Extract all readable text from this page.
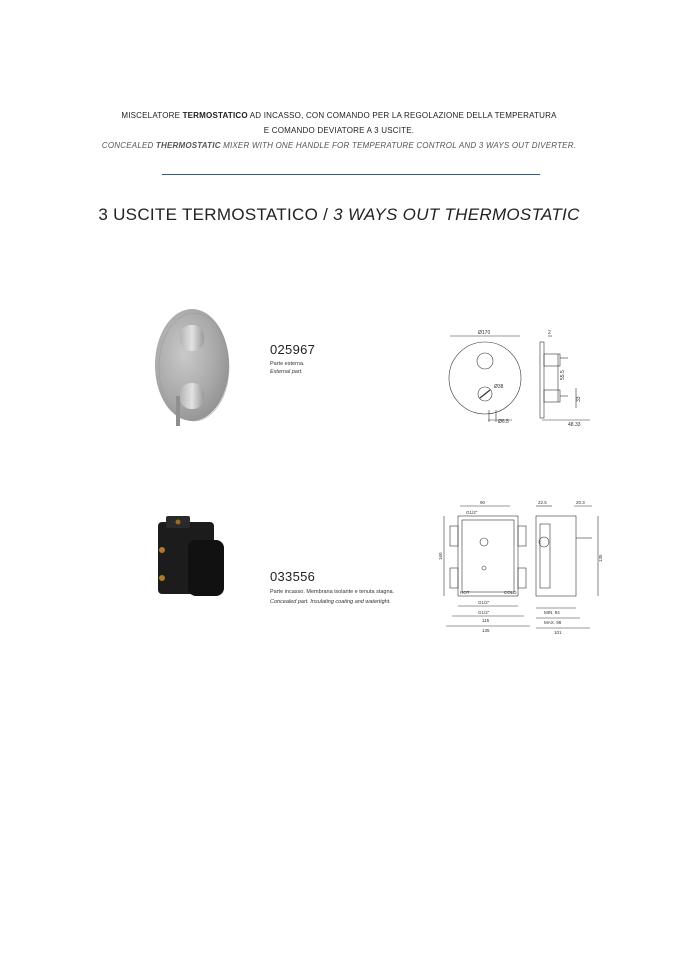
MISCELATORE TERMOSTATICO AD INCASSO, CON COMANDO PER LA REGOLAZIONE DELLA TEMPERATURA
E COMANDO DEVIATORE A 3 USCITE.
CONCEALED THERMOSTATIC MIXER WITH ONE HANDLE FOR TEMPERATURE CONTROL AND 3 WAYS OUT DIVERTER.
3 USCITE TERMOSTATICO / 3 WAYS OUT THERMOSTATIC
025967
Parte esterna.
External part.
Ø170
Ø38
Ø6.5
55.5
33
48.33
2
033556
Parte incasso. Membrana isolante e tenuta stagna.
Concealed part. Insulating coating and watertight.
90	22.5	20.3
G1/2"
160	135
HOT	COLD
G1/2"
G1/2"
115
135
MIN. 84
MAX. 98
101
